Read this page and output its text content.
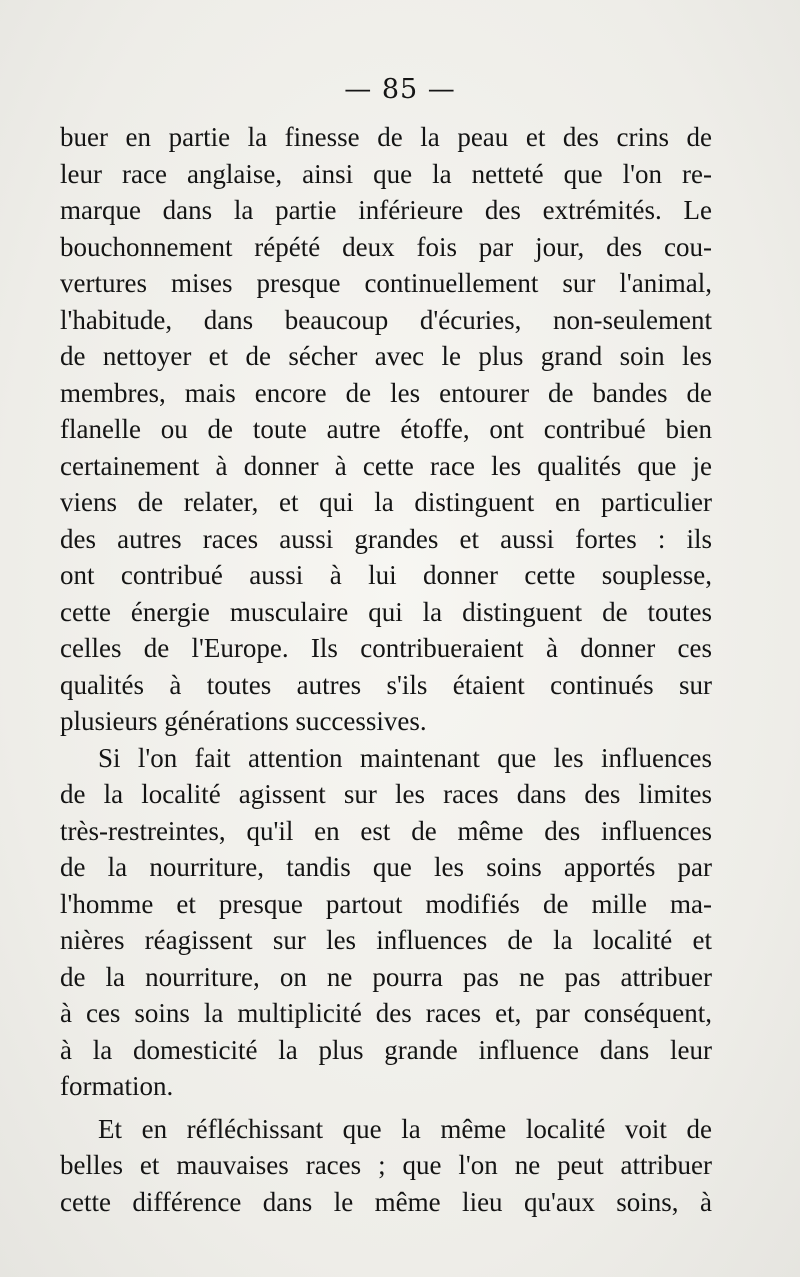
— 85 —
buer en partie la finesse de la peau et des crins de
leur race anglaise, ainsi que la netteté que l'on re-
marque dans la partie inférieure des extrémités. Le
bouchonnement répété deux fois par jour, des cou-
vertures mises presque continuellement sur l'animal,
l'habitude, dans beaucoup d'écuries, non-seulement
de nettoyer et de sécher avec le plus grand soin les
membres, mais encore de les entourer de bandes de
flanelle ou de toute autre étoffe, ont contribué bien
certainement à donner à cette race les qualités que je
viens de relater, et qui la distinguent en particulier
des autres races aussi grandes et aussi fortes : ils
ont contribué aussi à lui donner cette souplesse,
cette énergie musculaire qui la distinguent de toutes
celles de l'Europe. Ils contribueraient à donner ces
qualités à toutes autres s'ils étaient continués sur
plusieurs générations successives.
Si l'on fait attention maintenant que les influences
de la localité agissent sur les races dans des limites
très-restreintes, qu'il en est de même des influences
de la nourriture, tandis que les soins apportés par
l'homme et presque partout modifiés de mille ma-
nières réagissent sur les influences de la localité et
de la nourriture, on ne pourra pas ne pas attribuer
à ces soins la multiplicité des races et, par conséquent,
à la domesticité la plus grande influence dans leur
formation.
Et en réfléchissant que la même localité voit de
belles et mauvaises races ; que l'on ne peut attribuer
cette différence dans le même lieu qu'aux soins, à
